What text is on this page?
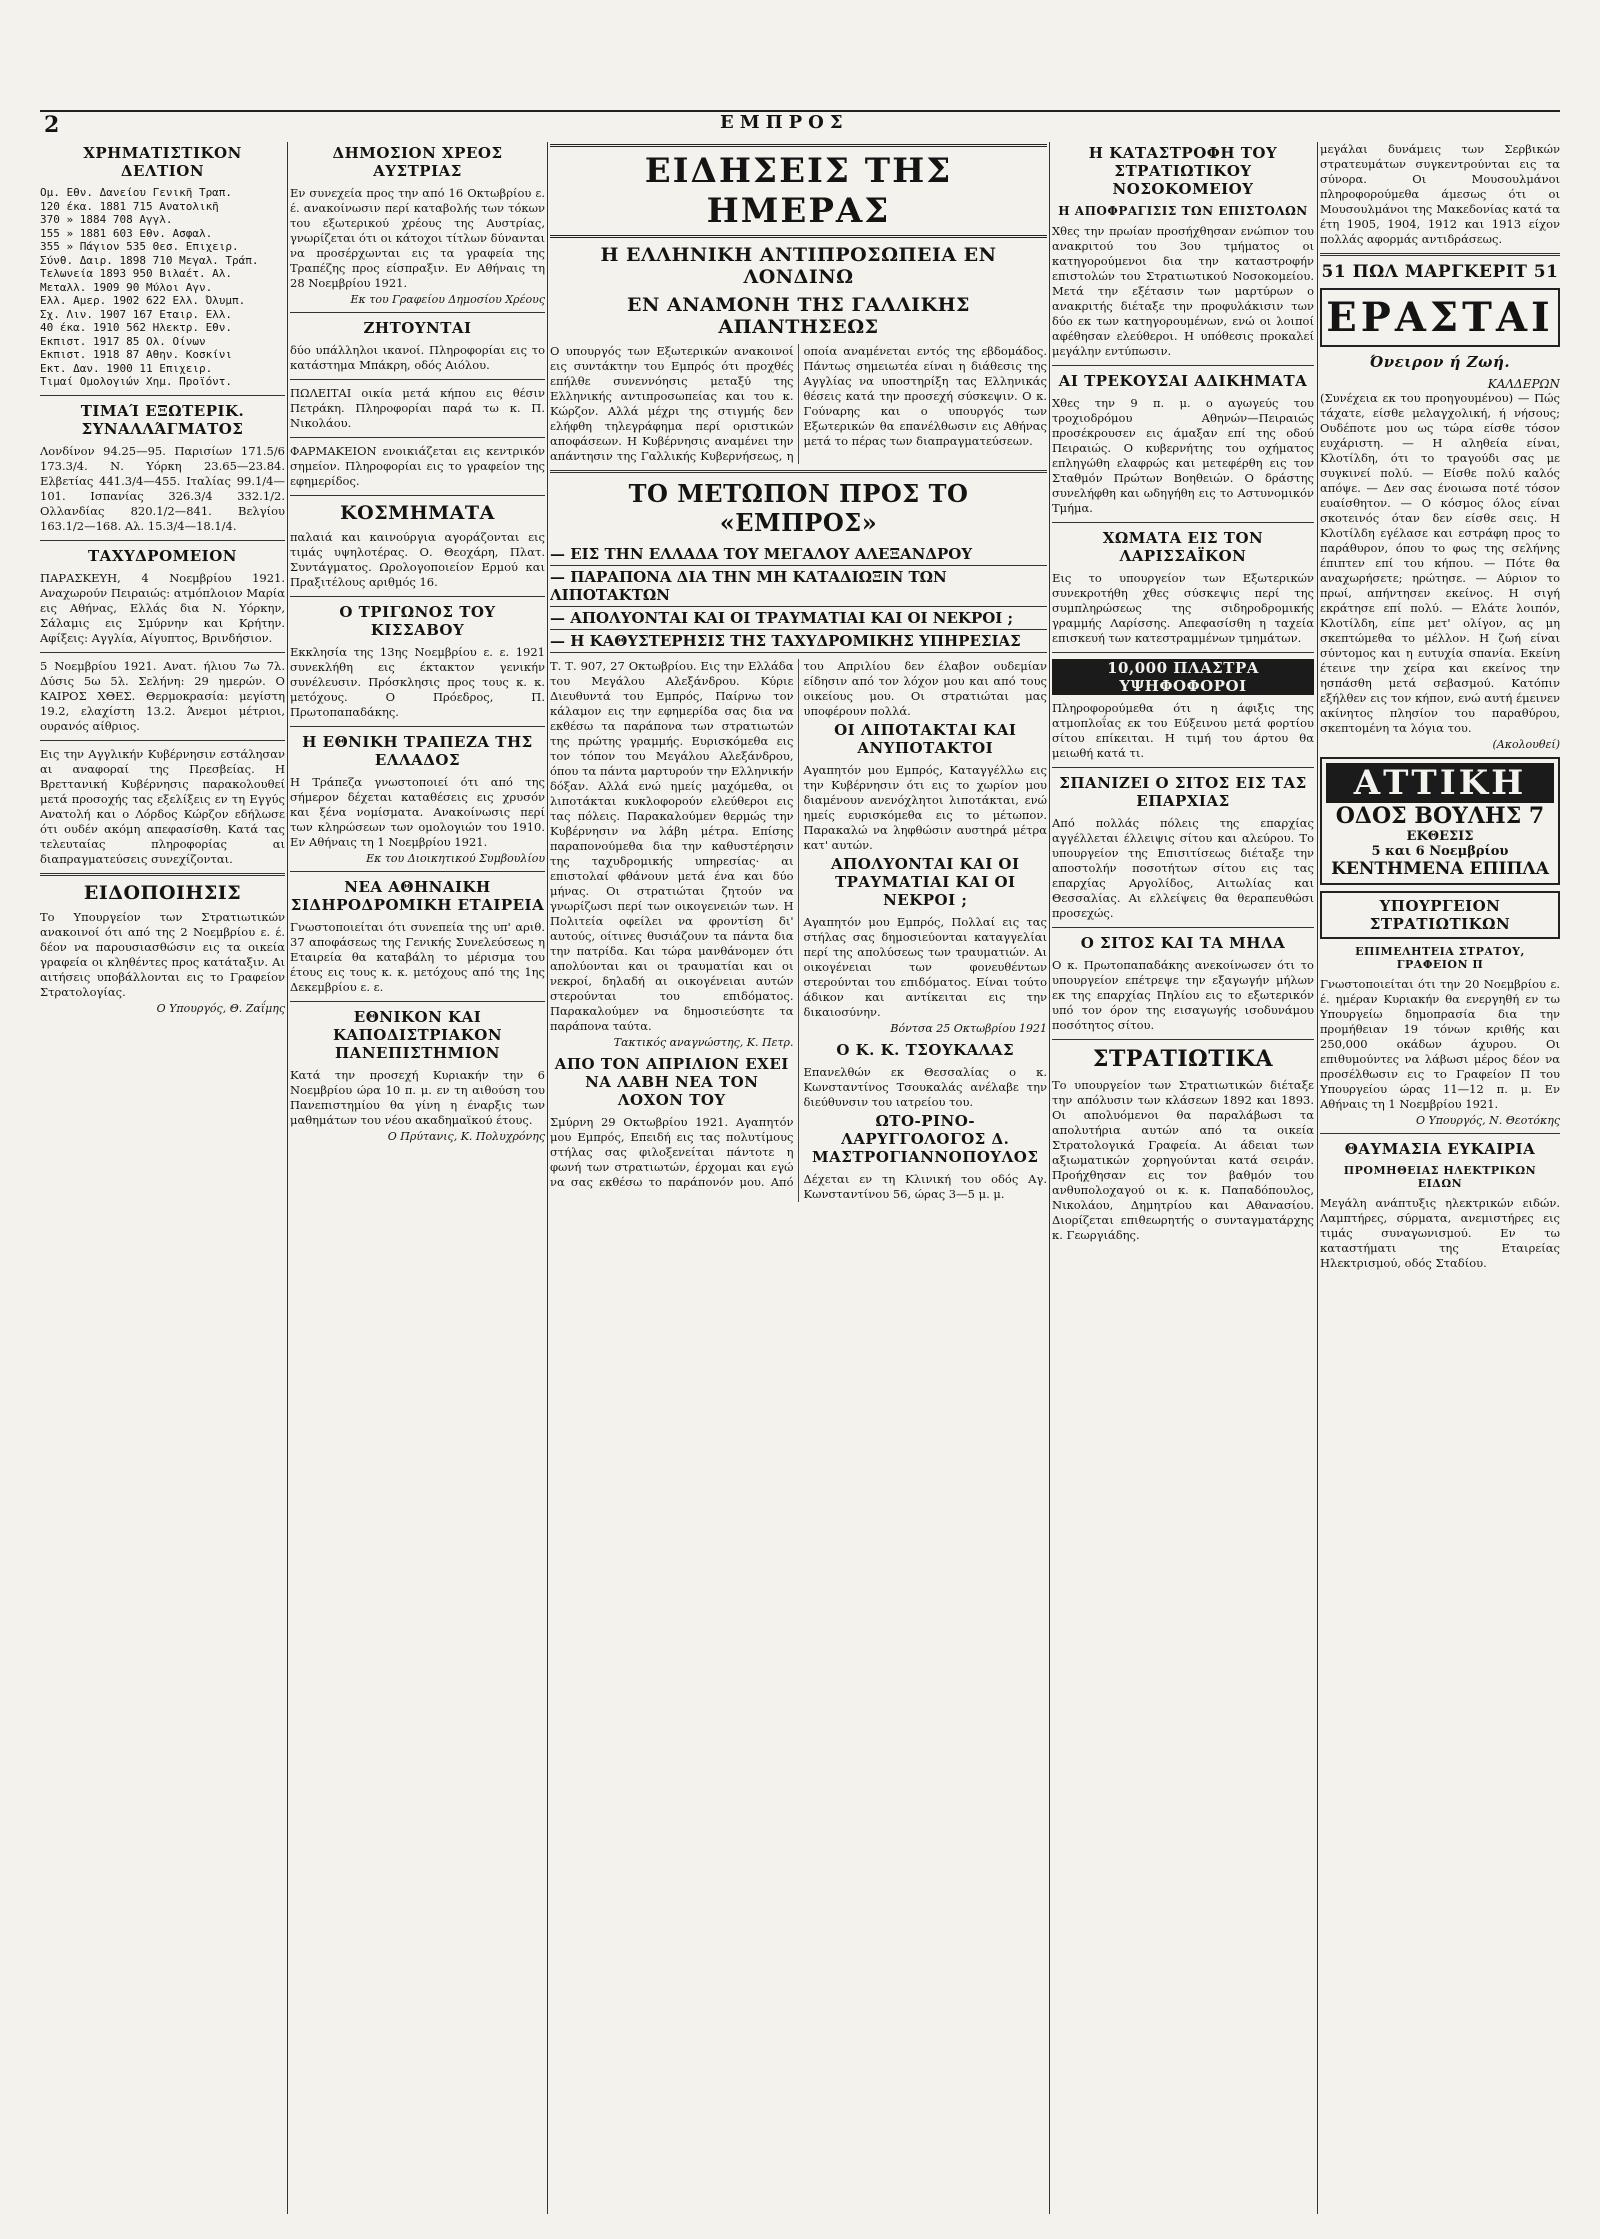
2	ΕΜΠΡΟΣ
ΧΡΗΜΑΤΙΣΤΙΚΟΝ ΔΕΛΤΙΟΝ
Ομ. Εθν. Δανείου Γενικῆ Τραπ.
120 έκα. 1881 715 Ανατολικῆ
370 » 1884 708 Αγγλ.
155 » 1881 603 Εθν. Ασφαλ.
355 » Πάγιον 535 Θεσ. Επιχειρ.
Σύνθ. Δαιρ. 1898 710 Μεγαλ. Τράπ.
Τελωνεία 1893 950 Βιλαέτ. Αλ.
Μεταλλ. 1909 90 Μύλοι Αγν.
Ελλ. Αμερ. 1902 622 Ελλ. Όλυμπ.
Σχ. Λιν. 1907 167 Εταιρ. Ελλ.
40 έκα. 1910 562 Ηλεκτρ. Εθν.
Εκπιστ. 1917 85 Ολ. Οίνων
Εκπιστ. 1918 87 Αθην. Κοσκίνι
Εκτ. Δαν. 1900 11 Επιχειρ.
Τιμαί Ομολογιών Χημ. Προϊόντ.
ΤΙΜΑΊ ΕΞΩΤΕΡΙΚ. ΣΥΝΑΛΛΆΓΜΑΤΟΣ
Λονδίνον 94.25—95. Παρισίων 171.5/6 173.3/4. Ν. Υόρκη 23.65—23.84. Ελβετίας 441.3/4—455. Ιταλίας 99.1/4—101. Ισπανίας 326.3/4 332.1/2. Ολλανδίας 820.1/2—841. Βελγίου 163.1/2—168. Αλ. 15.3/4—18.1/4.
ΤΑΧΥΔΡΟΜΕΙΟΝ
ΠΑΡΑΣΚΕΥΗ, 4 Νοεμβρίου 1921. Αναχωρούν Πειραιώς: ατμόπλοιον Μαρία εις Αθήνας, Ελλάς δια Ν. Υόρκην, Σάλαμις εις Σμύρνην και Κρήτην. Αφίξεις: Αγγλία, Αίγυπτος, Βρινδήσιον.
5 Νοεμβρίου 1921. Ανατ. ήλιου 7ω 7λ. Δύσις 5ω 5λ. Σελήνη: 29 ημερών. Ο ΚΑΙΡΟΣ ΧΘΕΣ. Θερμοκρασία: μεγίστη 19.2, ελαχίστη 13.2. Άνεμοι μέτριοι, ουρανός αίθριος.
Εις την Αγγλικήν Κυβέρνησιν εστάλησαν αι αναφοραί της Πρεσβείας. Η Βρεττανική Κυβέρνησις παρακολουθεί μετά προσοχής τας εξελίξεις εν τη Εγγύς Ανατολή και ο Λόρδος Κώρζον εδήλωσε ότι ουδέν ακόμη απεφασίσθη. Κατά τας τελευταίας πληροφορίας αι διαπραγματεύσεις συνεχίζονται.
ΕΙΔΟΠΟΙΗΣΙΣ
Το Υπουργείον των Στρατιωτικών ανακοινοί ότι από της 2 Νοεμβρίου ε. έ. δέον να παρουσιασθώσιν εις τα οικεία γραφεία οι κληθέντες προς κατάταξιν. Αι αιτήσεις υποβάλλονται εις το Γραφείον Στρατολογίας.
Ο Υπουργός, Θ. Ζαΐμης
ΔΗΜΟΣΙΟΝ ΧΡΕΟΣ ΑΥΣΤΡΙΑΣ
Εν συνεχεία προς την από 16 Οκτωβρίου ε. έ. ανακοίνωσιν περί καταβολής των τόκων του εξωτερικού χρέους της Αυστρίας, γνωρίζεται ότι οι κάτοχοι τίτλων δύνανται να προσέρχωνται εις τα γραφεία της Τραπέζης προς είσπραξιν. Εν Αθήναις τη 28 Νοεμβρίου 1921.
Εκ του Γραφείου Δημοσίου Χρέους
ΖΗΤΟΥΝΤΑΙ
δύο υπάλληλοι ικανοί. Πληροφορίαι εις το κατάστημα Μπάκρη, οδός Αιόλου.
ΠΩΛΕΙΤΑΙ οικία μετά κήπου εις θέσιν Πετράκη. Πληροφορίαι παρά τω κ. Π. Νικολάου.
ΦΑΡΜΑΚΕΙΟΝ ενοικιάζεται εις κεντρικόν σημείον. Πληροφορίαι εις το γραφείον της εφημερίδος.
ΚΟΣΜΗΜΑΤΑ
παλαιά και καινούργια αγοράζονται εις τιμάς υψηλοτέρας. Ο. Θεοχάρη, Πλατ. Συντάγματος. Ωρολογοποιείον Ερμού και Πραξιτέλους αριθμός 16.
Ο ΤΡΙΓΩΝΟΣ ΤΟΥ ΚΙΣΣΑΒΟΥ
Εκκλησία της 13ης Νοεμβρίου ε. ε. 1921 συνεκλήθη εις έκτακτον γενικήν συνέλευσιν. Πρόσκλησις προς τους κ. κ. μετόχους. Ο Πρόεδρος, Π. Πρωτοπαπαδάκης.
Η ΕΘΝΙΚΗ ΤΡΑΠΕΖΑ ΤΗΣ ΕΛΛΑΔΟΣ
Η Τράπεζα γνωστοποιεί ότι από της σήμερον δέχεται καταθέσεις εις χρυσόν και ξένα νομίσματα. Ανακοίνωσις περί των κληρώσεων των ομολογιών του 1910. Εν Αθήναις τη 1 Νοεμβρίου 1921.
Εκ του Διοικητικού Συμβουλίου
ΝΕΑ ΑΘΗΝΑΙΚΗ ΣΙΔΗΡΟΔΡΟΜΙΚΗ ΕΤΑΙΡΕΙΑ
Γνωστοποιείται ότι συνεπεία της υπ' αριθ. 37 απoφάσεως της Γενικής Συνελεύσεως η Εταιρεία θα καταβάλη το μέρισμα του έτους εις τους κ. κ. μετόχους από της 1ης Δεκεμβρίου ε. ε.
ΕΘΝΙΚΟΝ ΚΑΙ ΚΑΠΟΔΙΣΤΡΙΑΚΟΝ ΠΑΝΕΠΙΣΤΗΜΙΟΝ
Κατά την προσεχή Κυριακήν την 6 Νοεμβρίου ώρα 10 π. μ. εν τη αιθούση του Πανεπιστημίου θα γίνη η έναρξις των μαθημάτων του νέου ακαδημαϊκού έτους.
Ο Πρύτανις, Κ. Πολυχρόνης
ΕΙΔΗΣΕΙΣ ΤΗΣ ΗΜΕΡΑΣ
Η ΕΛΛΗΝΙΚΗ ΑΝΤΙΠΡΟΣΩΠΕΙΑ ΕΝ ΛΟΝΔΙΝΩ
ΕΝ ΑΝΑΜΟΝΗ ΤΗΣ ΓΑΛΛΙΚΗΣ ΑΠΑΝΤΗΣΕΩΣ
Ο υπουργός των Εξωτερικών ανακοινοί εις συντάκτην του Εμπρός ότι προχθές επήλθε συνεννόησις μεταξύ της Ελληνικής αντιπροσωπείας και του κ. Κώρζον. Αλλά μέχρι της στιγμής δεν ελήφθη τηλεγράφημα περί οριστικών αποφάσεων. Η Κυβέρνησις αναμένει την απάντησιν της Γαλλικής Κυβερνήσεως, η οποία αναμένεται εντός της εβδομάδος. Πάντως σημειωτέα είναι η διάθεσις της Αγγλίας να υποστηρίξη τας Ελληνικάς θέσεις κατά την προσεχή σύσκεψιν. Ο κ. Γούναρης και ο υπουργός των Εξωτερικών θα επανέλθωσιν εις Αθήνας μετά το πέρας των διαπραγματεύσεων.
ΤΟ ΜΕΤΩΠΟΝ ΠΡΟΣ ΤΟ «ΕΜΠΡΟΣ»
— ΕΙΣ ΤΗΝ ΕΛΛΑΔΑ ΤΟΥ ΜΕΓΑΛΟΥ ΑΛΕΞΑΝΔΡΟΥ
— ΠΑΡΑΠΟΝΑ ΔΙΑ ΤΗΝ ΜΗ ΚΑΤΑΔΙΩΞΙΝ ΤΩΝ ΛΙΠΟΤΑΚΤΩΝ
— ΑΠΟΛΥΟΝΤΑΙ ΚΑΙ ΟΙ ΤΡΑΥΜΑΤΙΑΙ ΚΑΙ ΟΙ ΝΕΚΡΟΙ ;
— Η ΚΑΘΥΣΤΕΡΗΣΙΣ ΤΗΣ ΤΑΧΥΔΡΟΜΙΚΗΣ ΥΠΗΡΕΣΙΑΣ
Τ. Τ. 907, 27 Οκτωβρίου. Εις την Ελλάδα του Μεγάλου Αλεξάνδρου. Κύριε Διευθυντά του Εμπρός, Παίρνω τον κάλαμον εις την εφημερίδα σας δια να εκθέσω τα παράπονα των στρατιωτών της πρώτης γραμμής. Ευρισκόμεθα εις τον τόπον του Μεγάλου Αλεξάνδρου, όπου τα πάντα μαρτυρούν την Ελληνικήν δόξαν. Αλλά ενώ ημείς μαχόμεθα, οι λιποτάκται κυκλοφορούν ελεύθεροι εις τας πόλεις. Παρακαλούμεν θερμώς την Κυβέρνησιν να λάβη μέτρα. Επίσης παραπονούμεθα δια την καθυστέρησιν της ταχυδρομικής υπηρεσίας· αι επιστολαί φθάνουν μετά ένα και δύο μήνας. Οι στρατιώται ζητούν να γνωρίζωσι περί των οικογενειών των. Η Πολιτεία οφείλει να φροντίση δι' αυτούς, οίτινες θυσιάζουν τα πάντα δια την πατρίδα. Και τώρα μανθάνομεν ότι απολύονται και οι τραυματίαι και οι νεκροί, δηλαδή αι οικογένειαι αυτών στερούνται του επιδόματος. Παρακαλούμεν να δημοσιεύσητε τα παράπονα ταύτα.
Τακτικός αναγνώστης, Κ. Πετρ.
ΑΠΟ ΤΟΝ ΑΠΡΙΛΙΟΝ ΕΧΕΙ ΝΑ ΛΑΒΗ ΝΕΑ ΤΟΝ ΛΟΧΟΝ ΤΟΥ
Σμύρνη 29 Οκτωβρίου 1921. Αγαπητόν μου Εμπρός, Επειδή εις τας πολυτίμους στήλας σας φιλοξενείται πάντοτε η φωνή των στρατιωτών, έρχομαι και εγώ να σας εκθέσω το παράπονόν μου. Από του Απριλίου δεν έλαβον ουδεμίαν είδησιν από τον λόχον μου και από τους οικείους μου. Οι στρατιώται μας υποφέρουν πολλά.
ΟΙ ΛΙΠΟΤΑΚΤΑΙ ΚΑΙ ΑΝΥΠΟΤΑΚΤΟΙ
Αγαπητόν μου Εμπρός, Καταγγέλλω εις την Κυβέρνησιν ότι εις το χωρίον μου διαμένουν ανενόχλητοι λιποτάκται, ενώ ημείς ευρισκόμεθα εις το μέτωπον. Παρακαλώ να ληφθώσιν αυστηρά μέτρα κατ' αυτών.
ΑΠΟΛΥΟΝΤΑΙ ΚΑΙ ΟΙ ΤΡΑΥΜΑΤΙΑΙ ΚΑΙ ΟΙ ΝΕΚΡΟΙ ;
Αγαπητόν μου Εμπρός, Πολλαί εις τας στήλας σας δημοσιεύονται καταγγελίαι περί της απολύσεως των τραυματιών. Αι οικογένειαι των φονευθέντων στερούνται του επιδόματος. Είναι τούτο άδικον και αντίκειται εις την δικαιοσύνην.
Βόντσα 25 Οκτωβρίου 1921
Ο Κ. Κ. ΤΣΟΥΚΑΛΑΣ
Επανελθών εκ Θεσσαλίας ο κ. Κωνσταντίνος Τσουκαλάς ανέλαβε την διεύθυνσιν του ιατρείου του.
ΩΤΟ-ΡΙΝΟ-ΛΑΡΥΓΓΟΛΟΓΟΣ Δ. ΜΑΣΤΡΟΓΙΑΝΝΟΠΟΥΛΟΣ
Δέχεται εν τη Κλινική του οδός Αγ. Κωνσταντίνου 56, ώρας 3—5 μ. μ.
Η ΚΑΤΑΣΤΡΟΦΗ ΤΟΥ ΣΤΡΑΤΙΩΤΙΚΟΥ ΝΟΣΟΚΟΜΕΙΟΥ
Η ΑΠΟΦΡΑΓΙΣΙΣ ΤΩΝ ΕΠΙΣΤΟΛΩΝ
Χθες την πρωίαν προσήχθησαν ενώπιον του ανακριτού του 3ου τμήματος οι κατηγορούμενοι δια την καταστροφήν επιστολών του Στρατιωτικού Νοσοκομείου. Μετά την εξέτασιν των μαρτύρων ο ανακριτής διέταξε την προφυλάκισιν των δύο εκ των κατηγορουμένων, ενώ οι λοιποί αφέθησαν ελεύθεροι. Η υπόθεσις προκαλεί μεγάλην εντύπωσιν.
ΑΙ ΤΡΕΚΟΥΣΑΙ ΑΔΙΚΗΜΑΤΑ
Χθες την 9 π. μ. ο αγωγεύς του τροχιοδρόμου Αθηνών—Πειραιώς προσέκρουσεν εις άμαξαν επί της οδού Πειραιώς. Ο κυβερνήτης του οχήματος επληγώθη ελαφρώς και μετεφέρθη εις τον Σταθμόν Πρώτων Βοηθειών. Ο δράστης συνελήφθη και ωδηγήθη εις το Αστυνομικόν Τμήμα.
ΧΩΜΑΤΑ ΕΙΣ ΤΟΝ ΛΑΡΙΣΣΑΪΚΟΝ
Εις το υπουργείον των Εξωτερικών συνεκροτήθη χθες σύσκεψις περί της συμπληρώσεως της σιδηροδρομικής γραμμής Λαρίσσης. Απεφασίσθη η ταχεία επισκευή των κατεστραμμένων τμημάτων.
10,000 ΠΛΑΣΤΡΑ ΥΨΗΦΟΦΟΡΟΙ
Πληροφορούμεθα ότι η άφιξις της ατμοπλοΐας εκ του Εύξεινου μετά φορτίου σίτου επίκειται. Η τιμή του άρτου θα μειωθή κατά τι.
ΣΠΑΝΙΖΕΙ Ο ΣΙΤΟΣ ΕΙΣ ΤΑΣ ΕΠΑΡΧΙΑΣ
Από πολλάς πόλεις της επαρχίας αγγέλλεται έλλειψις σίτου και αλεύρου. Το υπουργείον της Επισιτίσεως διέταξε την αποστολήν ποσοτήτων σίτου εις τας επαρχίας Αργολίδος, Αιτωλίας και Θεσσαλίας. Αι ελλείψεις θα θεραπευθώσι προσεχώς.
Ο ΣΙΤΟΣ ΚΑΙ ΤΑ ΜΗΛΑ
Ο κ. Πρωτοπαπαδάκης ανεκοίνωσεν ότι το υπουργείον επέτρεψε την εξαγωγήν μήλων εκ της επαρχίας Πηλίου εις το εξωτερικόν υπό τον όρον της εισαγωγής ισοδυνάμου ποσότητος σίτου.
ΣΤΡΑΤΙΩΤΙΚΑ
Το υπουργείον των Στρατιωτικών διέταξε την απόλυσιν των κλάσεων 1892 και 1893. Οι απολυόμενοι θα παραλάβωσι τα απολυτήρια αυτών από τα οικεία Στρατολογικά Γραφεία. Αι άδειαι των αξιωματικών χορηγούνται κατά σειράν. Προήχθησαν εις τον βαθμόν του ανθυπολοχαγού οι κ. κ. Παπαδόπουλος, Νικολάου, Δημητρίου και Αθανασίου. Διορίζεται επιθεωρητής ο συνταγματάρχης κ. Γεωργιάδης.
μεγάλαι δυνάμεις των Σερβικών στρατευμάτων συγκεντρούνται εις τα σύνορα. Οι Μουσουλμάνοι πληροφορούμεθα άμεσως ότι οι Μουσουλμάνοι της Μακεδονίας κατά τα έτη 1905, 1904, 1912 και 1913 είχον πολλάς αφορμάς αντιδράσεως.
51 ΠΩΛ ΜΑΡΓΚΕΡΙΤ 51
ΕΡΑΣΤΑΙ
Όνειρον ή Ζωή.
ΚΑΛΔΕΡΩΝ
(Συνέχεια εκ του προηγουμένου) — Πώς τάχατε, είσθε μελαγχολική, ή νήσους; Ουδέποτε μου ως τώρα είσθε τόσον ευχάριστη. — Η αληθεία είναι, Κλοτίλδη, ότι το τραγούδι σας με συγκινεί πολύ. — Είσθε πολύ καλός απόψε. — Δεν σας ένοιωσα ποτέ τόσον ευαίσθητον. — Ο κόσμος όλος είναι σκοτεινός όταν δεν είσθε σεις. Η Κλοτίλδη εγέλασε και εστράφη προς το παράθυρον, όπου το φως της σελήνης έπιπτεν επί του κήπου. — Πότε θα αναχωρήσετε; ηρώτησε. — Αύριον το πρωί, απήντησεν εκείνος. Η σιγή εκράτησε επί πολύ. — Ελάτε λοιπόν, Κλοτίλδη, είπε μετ' ολίγον, ας μη σκεπτώμεθα το μέλλον. Η ζωή είναι σύντομος και η ευτυχία σπανία. Εκείνη έτεινε την χείρα και εκείνος την ησπάσθη μετά σεβασμού. Κατόπιν εξήλθεν εις τον κήπον, ενώ αυτή έμεινεν ακίνητος πλησίον του παραθύρου, σκεπτομένη τα λόγια του.
(Ακολουθεί)
ΑΤΤΙΚΗ
ΟΔΟΣ ΒΟΥΛΗΣ 7
ΕΚΘΕΣΙΣ
5 και 6 Νοεμβρίου
ΚΕΝΤΗΜΕΝΑ ΕΠΙΠΛΑ
ΥΠΟΥΡΓΕΙΟΝ ΣΤΡΑΤΙΩΤΙΚΩΝ
ΕΠΙΜΕΛΗΤΕΙΑ ΣΤΡΑΤΟΥ, ΓΡΑΦΕΙΟΝ Π
Γνωστοποιείται ότι την 20 Νοεμβρίου ε. έ. ημέραν Κυριακήν θα ενεργηθή εν τω Υπουργείω δημοπρασία δια την προμήθειαν 19 τόνων κριθής και 250,000 οκάδων άχυρου. Οι επιθυμούντες να λάβωσι μέρος δέον να προσέλθωσιν εις το Γραφείον Π του Υπουργείου ώρας 11—12 π. μ. Εν Αθήναις τη 1 Νοεμβρίου 1921.
Ο Υπουργός, Ν. Θεοτόκης
ΘΑΥΜΑΣΙΑ ΕΥΚΑΙΡΙΑ
ΠΡΟΜΗΘΕΙΑΣ ΗΛΕΚΤΡΙΚΩΝ ΕΙΔΩΝ
Μεγάλη ανάπτυξις ηλεκτρικών ειδών. Λαμπτήρες, σύρματα, ανεμιστήρες εις τιμάς συναγωνισμού. Εν τω καταστήματι της Εταιρείας Ηλεκτρισμού, οδός Σταδίου.
